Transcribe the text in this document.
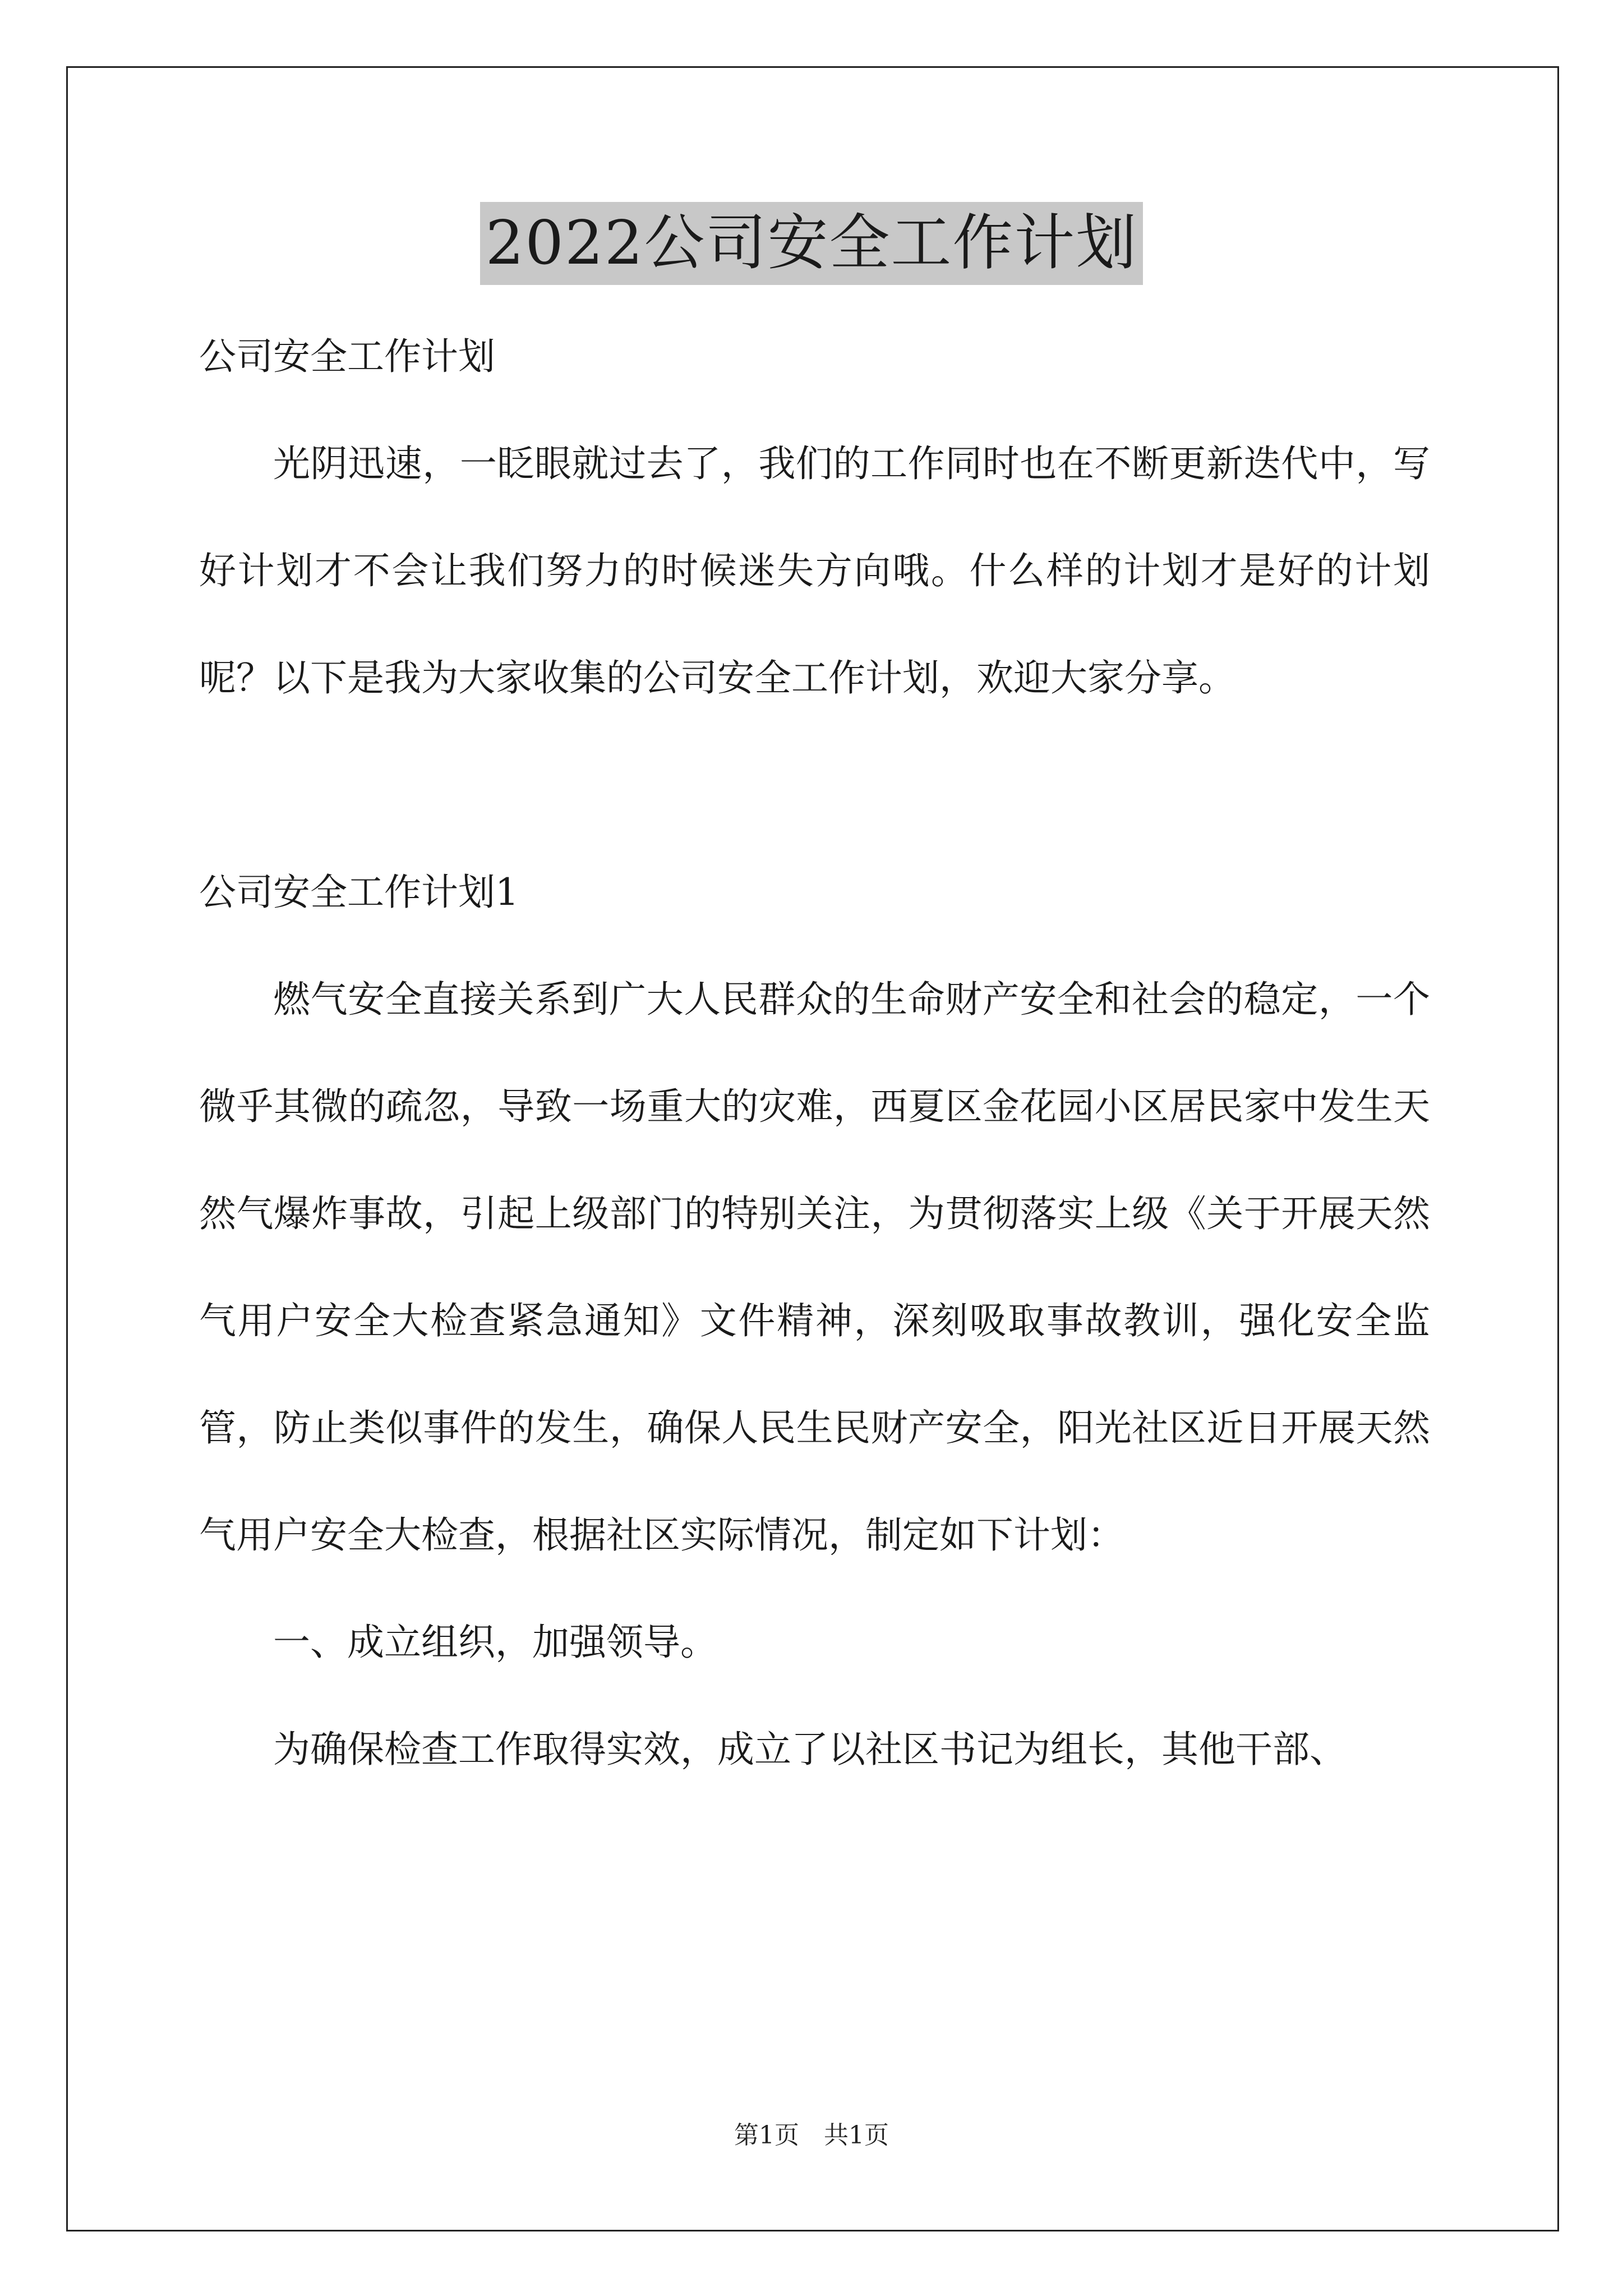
2022公司安全工作计划

公司安全工作计划

光阴迅速，一眨眼就过去了，我们的工作同时也在不断更新迭代中，写好计划才不会让我们努力的时候迷失方向哦。什么样的计划才是好的计划呢？以下是我为大家收集的公司安全工作计划，欢迎大家分享。

公司安全工作计划1

燃气安全直接关系到广大人民群众的生命财产安全和社会的稳定，一个微乎其微的疏忽，导致一场重大的灾难，西夏区金花园小区居民家中发生天然气爆炸事故，引起上级部门的特别关注，为贯彻落实上级《关于开展天然气用户安全大检查紧急通知》文件精神，深刻吸取事故教训，强化安全监管，防止类似事件的发生，确保人民生民财产安全，阳光社区近日开展天然气用户安全大检查，根据社区实际情况，制定如下计划：

一、成立组织，加强领导。

为确保检查工作取得实效，成立了以社区书记为组长，其他干部、

第1页　共1页
